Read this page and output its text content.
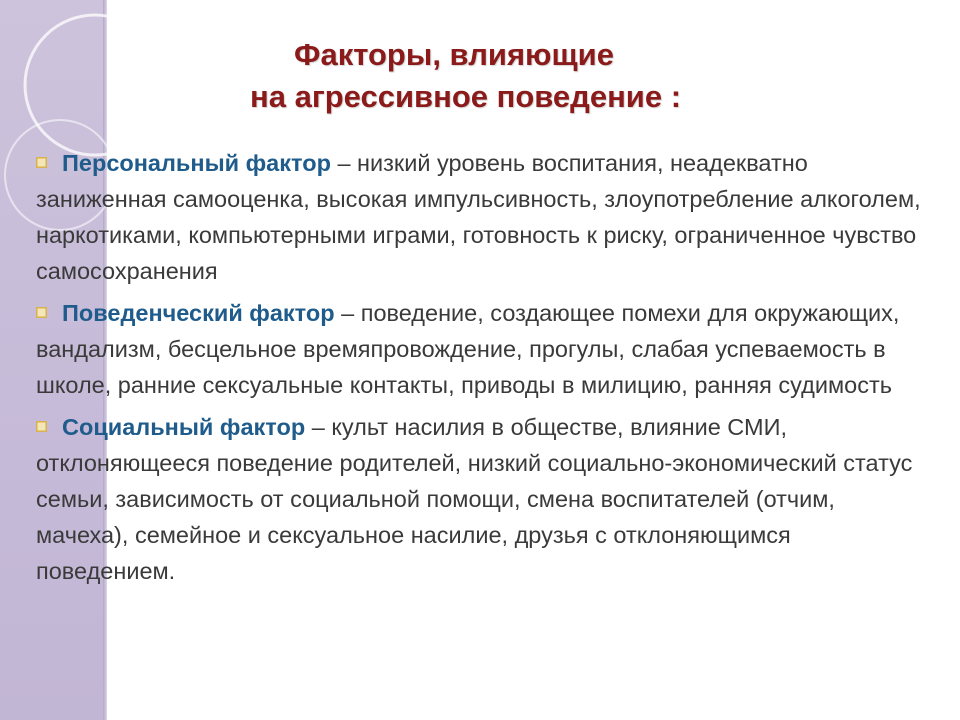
Факторы, влияющие
на агрессивное поведение :

Персональный фактор – низкий уровень воспитания, неадекватно заниженная самооценка, высокая импульсивность, злоупотребление алкоголем, наркотиками, компьютерными играми, готовность к риску, ограниченное чувство самосохранения

Поведенческий фактор – поведение, создающее помехи для окружающих, вандализм, бесцельное времяпровождение, прогулы, слабая успеваемость в школе, ранние сексуальные контакты, приводы в милицию, ранняя судимость

Социальный фактор – культ насилия в обществе, влияние СМИ, отклоняющееся поведение родителей, низкий социально-экономический статус семьи, зависимость от социальной помощи, смена воспитателей (отчим, мачеха), семейное и сексуальное насилие, друзья с отклоняющимся поведением.
